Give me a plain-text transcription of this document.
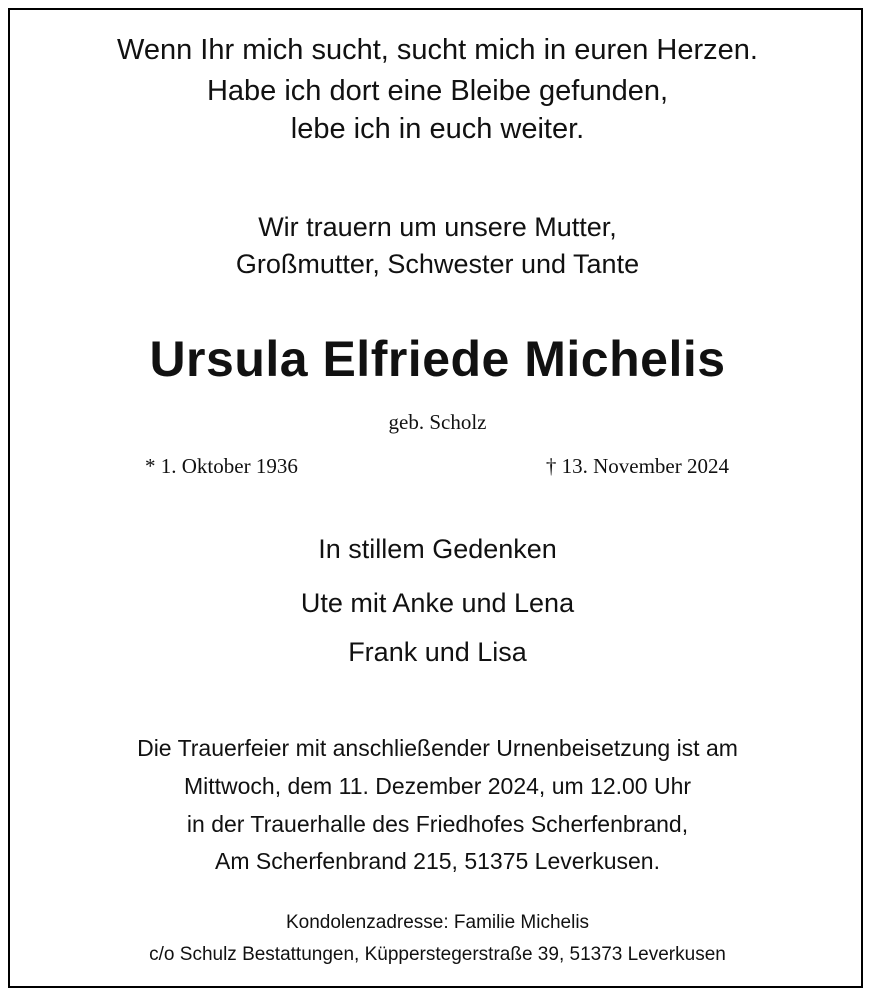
Wenn Ihr mich sucht, sucht mich in euren Herzen.
Habe ich dort eine Bleibe gefunden,
lebe ich in euch weiter.
Wir trauern um unsere Mutter,
Großmutter, Schwester und Tante
Ursula Elfriede Michelis
geb. Scholz
* 1. Oktober 1936	† 13. November 2024
In stillem Gedenken
Ute mit Anke und Lena
Frank und Lisa
Die Trauerfeier mit anschließender Urnenbeisetzung ist am
Mittwoch, dem 11. Dezember 2024, um 12.00 Uhr
in der Trauerhalle des Friedhofes Scherfenbrand,
Am Scherfenbrand 215, 51375 Leverkusen.
Kondolenzadresse: Familie Michelis
c/o Schulz Bestattungen, Küpperstegerstraße 39, 51373 Leverkusen
